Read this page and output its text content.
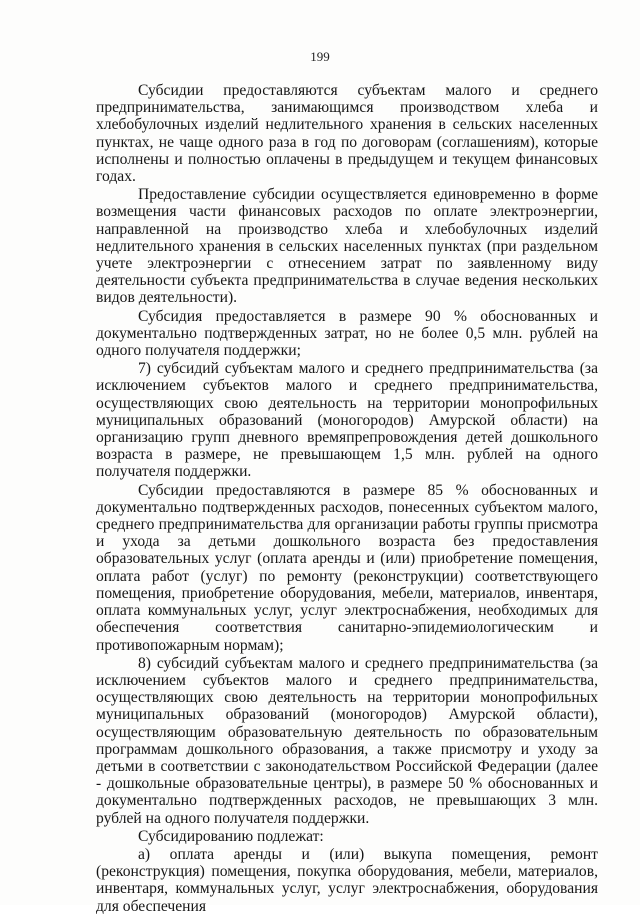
199

Субсидии предоставляются субъектам малого и среднего предпринимательства, занимающимся производством хлеба и хлебобулочных изделий недлительного хранения в сельских населенных пунктах, не чаще одного раза в год по договорам (соглашениям), которые исполнены и полностью оплачены в предыдущем и текущем финансовых годах.

Предоставление субсидии осуществляется единовременно в форме возмещения части финансовых расходов по оплате электроэнергии, направленной на производство хлеба и хлебобулочных изделий недлительного хранения в сельских населенных пунктах (при раздельном учете электроэнергии с отнесением затрат по заявленному виду деятельности субъекта предпринимательства в случае ведения нескольких видов деятельности).

Субсидия предоставляется в размере 90 % обоснованных и документально подтвержденных затрат, но не более 0,5 млн. рублей на одного получателя поддержки;

7) субсидий субъектам малого и среднего предпринимательства (за исключением субъектов малого и среднего предпринимательства, осуществляющих свою деятельность на территории монопрофильных муниципальных образований (моногородов) Амурской области) на организацию групп дневного времяпрепровождения детей дошкольного возраста в размере, не превышающем 1,5 млн. рублей на одного получателя поддержки.

Субсидии предоставляются в размере 85 % обоснованных и документально подтвержденных расходов, понесенных субъектом малого, среднего предпринимательства для организации работы группы присмотра и ухода за детьми дошкольного возраста без предоставления образовательных услуг (оплата аренды и (или) приобретение помещения, оплата работ (услуг) по ремонту (реконструкции) соответствующего помещения, приобретение оборудования, мебели, материалов, инвентаря, оплата коммунальных услуг, услуг электроснабжения, необходимых для обеспечения соответствия санитарно-эпидемиологическим и противопожарным нормам);

8) субсидий субъектам малого и среднего предпринимательства (за исключением субъектов малого и среднего предпринимательства, осуществляющих свою деятельность на территории монопрофильных муниципальных образований (моногородов) Амурской области), осуществляющим образовательную деятельность по образовательным программам дошкольного образования, а также присмотру и уходу за детьми в соответствии с законодательством Российской Федерации (далее - дошкольные образовательные центры), в размере 50 % обоснованных и документально подтвержденных расходов, не превышающих 3 млн. рублей на одного получателя поддержки.

Субсидированию подлежат:

а) оплата аренды и (или) выкупа помещения, ремонт (реконструкция) помещения, покупка оборудования, мебели, материалов, инвентаря, коммунальных услуг, услуг электроснабжения, оборудования для обеспечения
